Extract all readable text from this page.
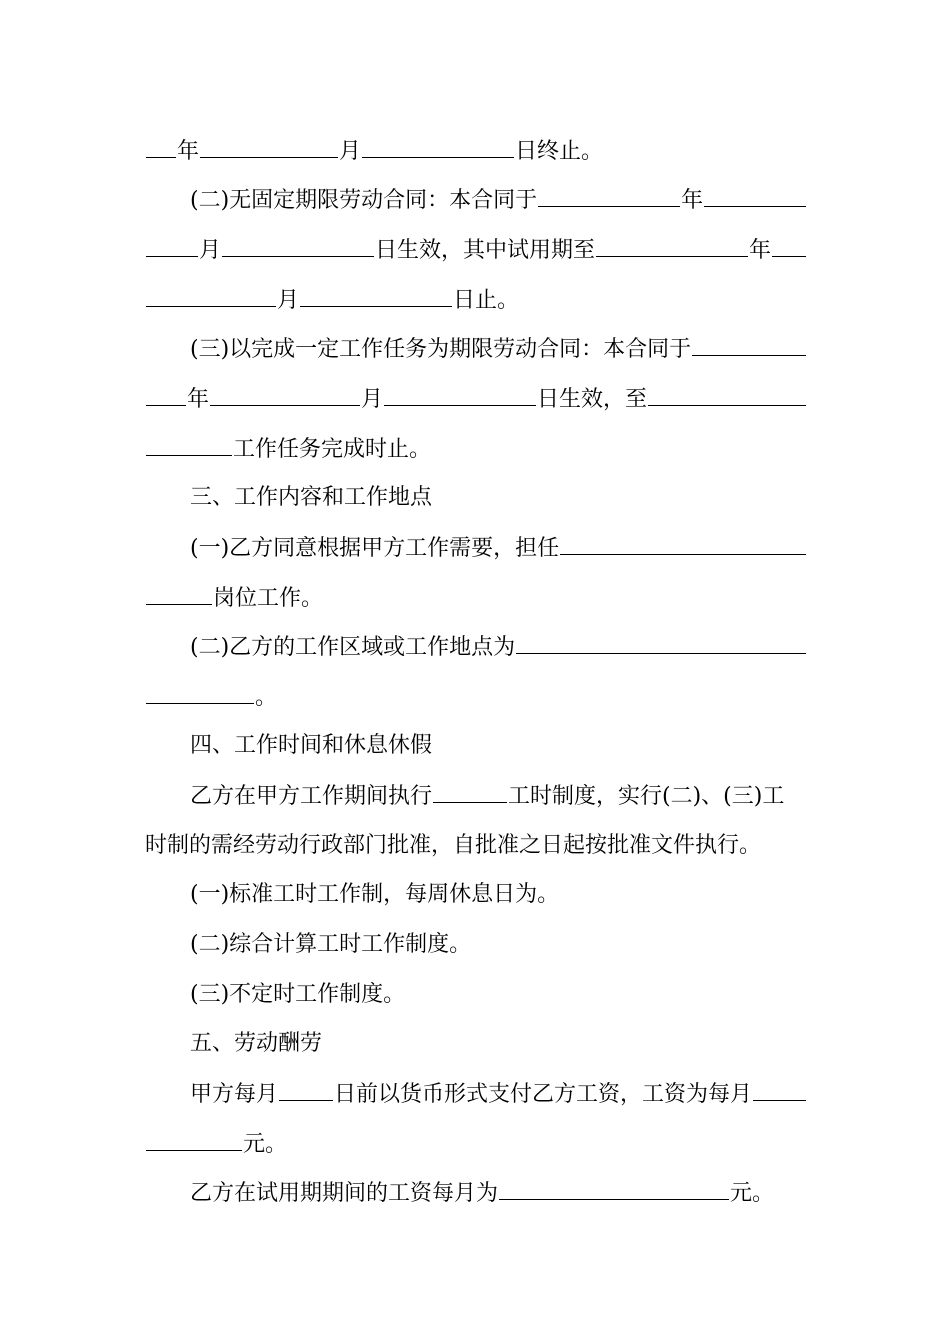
年	月	日终止。
(二)无固定期限劳动合同：本合同于	年
月	日生效，其中试用期至	年
月	日止。
(三)以完成一定工作任务为期限劳动合同：本合同于
年	月	日生效，至
工作任务完成时止。
三、工作内容和工作地点
(一)乙方同意根据甲方工作需要，担任
岗位工作。
(二)乙方的工作区域或工作地点为
。
四、工作时间和休息休假
乙方在甲方工作期间执行	工时制度，实行(二)、(三)工
时制的需经劳动行政部门批准，自批准之日起按批准文件执行。
(一)标准工时工作制，每周休息日为。
(二)综合计算工时工作制度。
(三)不定时工作制度。
五、劳动酬劳
甲方每月	日前以货币形式支付乙方工资，工资为每月
元。
乙方在试用期期间的工资每月为	元。
